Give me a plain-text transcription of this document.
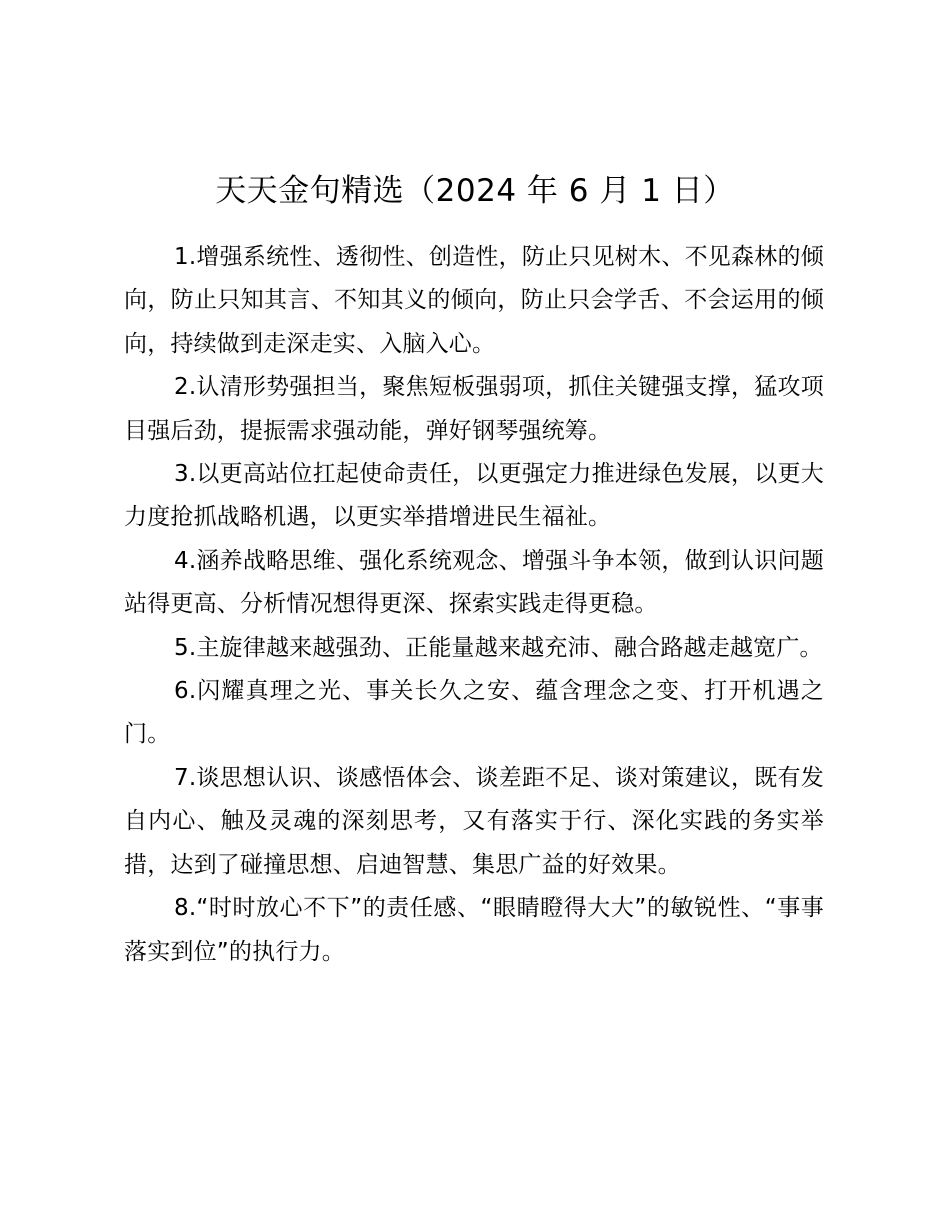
天天金句精选（2024 年 6 月 1 日）

1.增强系统性、透彻性、创造性，防止只见树木、不见森林的倾向，防止只知其言、不知其义的倾向，防止只会学舌、不会运用的倾向，持续做到走深走实、入脑入心。

2.认清形势强担当，聚焦短板强弱项，抓住关键强支撑，猛攻项目强后劲，提振需求强动能，弹好钢琴强统筹。

3.以更高站位扛起使命责任，以更强定力推进绿色发展，以更大力度抢抓战略机遇，以更实举措增进民生福祉。

4.涵养战略思维、强化系统观念、增强斗争本领，做到认识问题站得更高、分析情况想得更深、探索实践走得更稳。

5.主旋律越来越强劲、正能量越来越充沛、融合路越走越宽广。

6.闪耀真理之光、事关长久之安、蕴含理念之变、打开机遇之门。

7.谈思想认识、谈感悟体会、谈差距不足、谈对策建议，既有发自内心、触及灵魂的深刻思考，又有落实于行、深化实践的务实举措，达到了碰撞思想、启迪智慧、集思广益的好效果。

8.“时时放心不下”的责任感、“眼睛瞪得大大”的敏锐性、“事事落实到位”的执行力。
